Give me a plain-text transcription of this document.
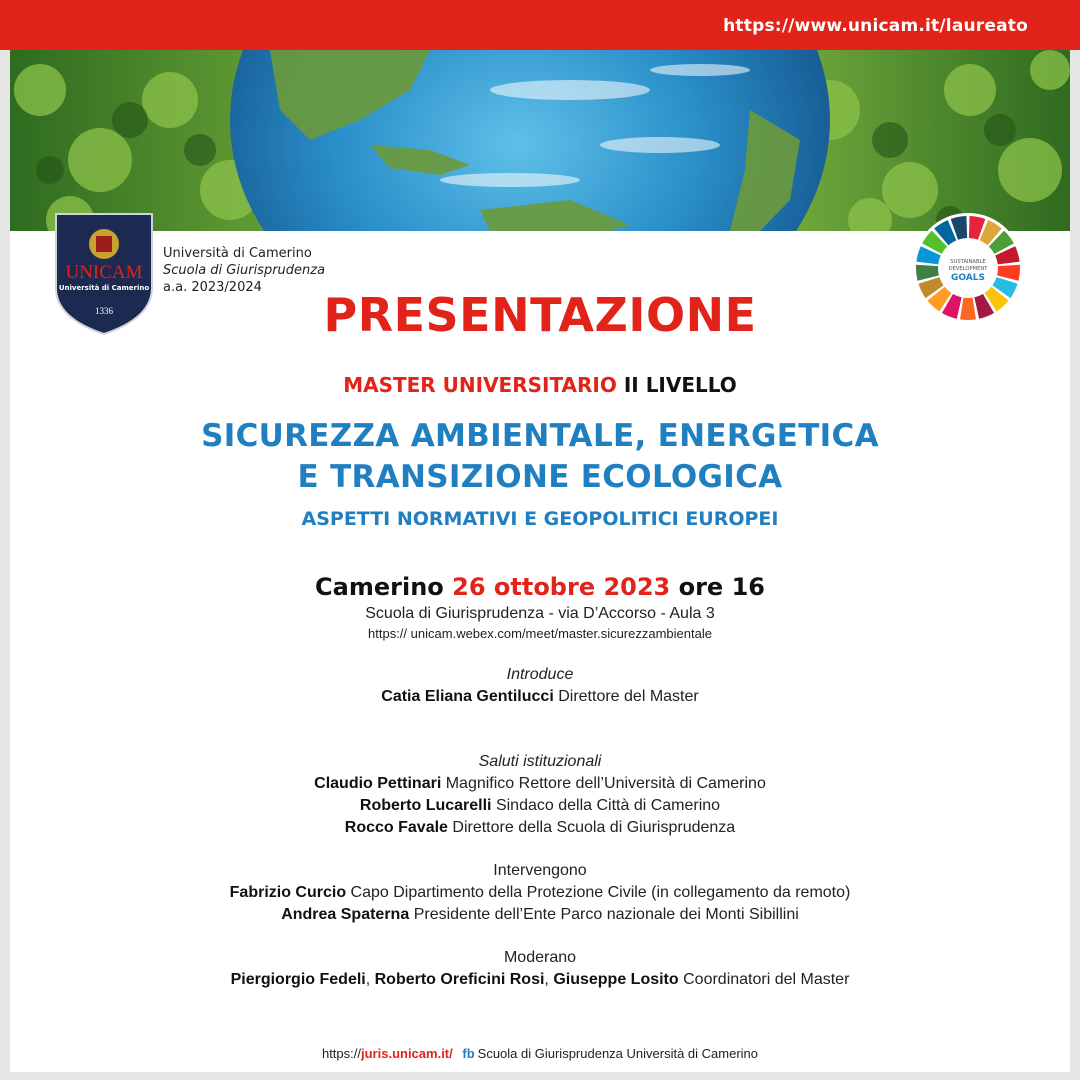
https://www.unicam.it/laureato
UNICAM
Università di Camerino
1336
Università di Camerino
Scuola di Giurisprudenza
a.a. 2023/2024
SUSTAINABLE
DEVELOPMENT
GOALS
PRESENTAZIONE
MASTER UNIVERSITARIO II LIVELLO
SICUREZZA AMBIENTALE, ENERGETICA
E TRANSIZIONE ECOLOGICA
ASPETTI NORMATIVI E GEOPOLITICI EUROPEI
Camerino 26 ottobre 2023 ore 16
Scuola di Giurisprudenza - via D’Accorso - Aula 3
https:// unicam.webex.com/meet/master.sicurezzambientale
Introduce
Catia Eliana Gentilucci Direttore del Master
Saluti istituzionali
Claudio Pettinari Magnifico Rettore dell’Università di Camerino
Roberto Lucarelli Sindaco della Città di Camerino
Rocco Favale Direttore della Scuola di Giurisprudenza
Intervengono
Fabrizio Curcio Capo Dipartimento della Protezione Civile (in collegamento da remoto)
Andrea Spaterna Presidente dell’Ente Parco nazionale dei Monti Sibillini
Moderano
Piergiorgio Fedeli, Roberto Oreficini Rosi, Giuseppe Losito Coordinatori del Master
https://juris.unicam.it/ fb Scuola di Giurisprudenza Università di Camerino
